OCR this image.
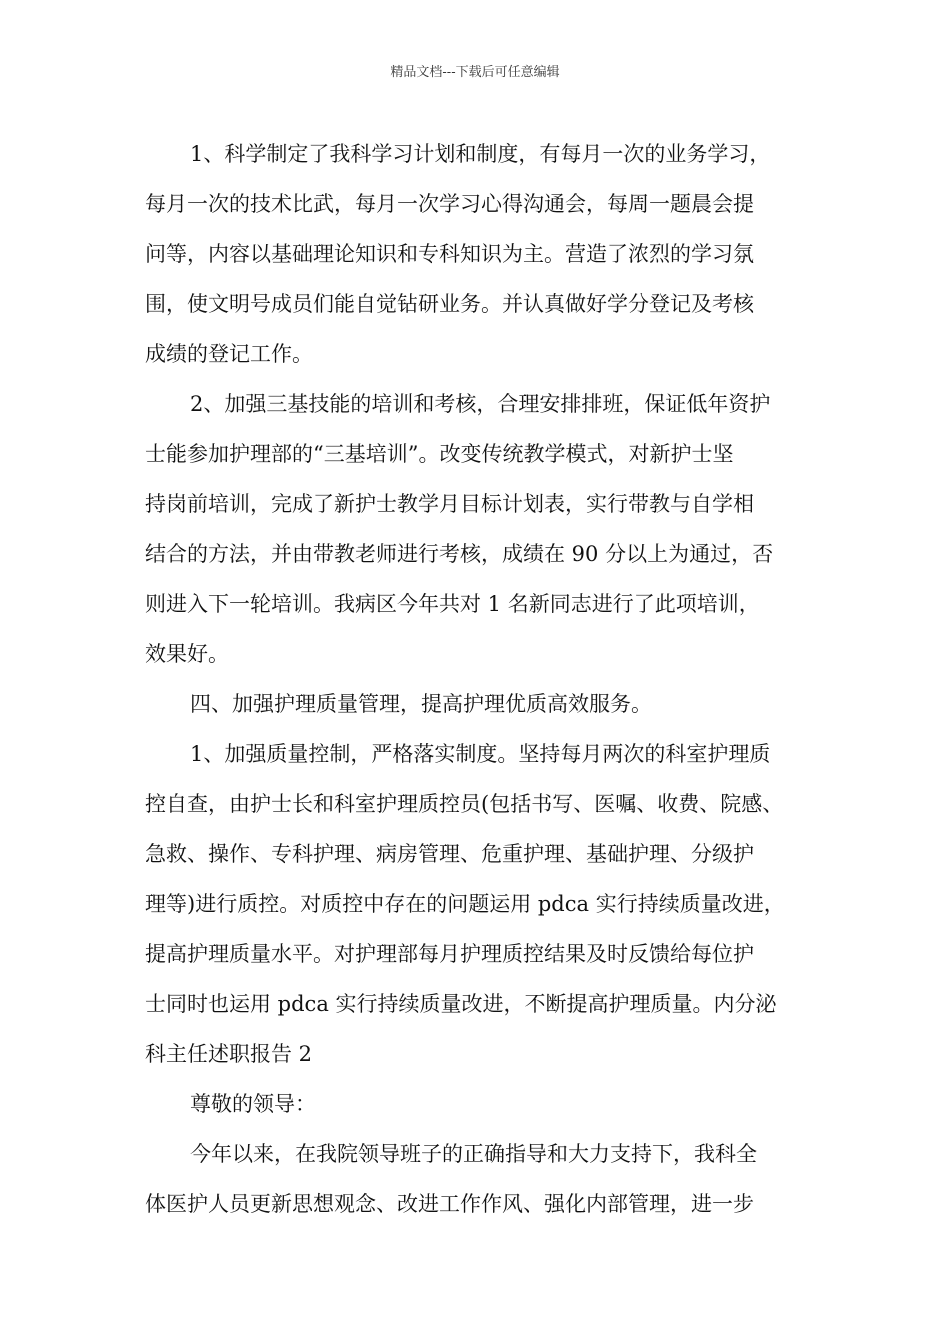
精品文档---下载后可任意编辑
1、科学制定了我科学习计划和制度，有每月一次的业务学习，
每月一次的技术比武，每月一次学习心得沟通会，每周一题晨会提
问等，内容以基础理论知识和专科知识为主。营造了浓烈的学习氛
围，使文明号成员们能自觉钻研业务。并认真做好学分登记及考核
成绩的登记工作。
2、加强三基技能的培训和考核，合理安排排班，保证低年资护
士能参加护理部的“三基培训”。改变传统教学模式，对新护士坚
持岗前培训，完成了新护士教学月目标计划表，实行带教与自学相
结合的方法，并由带教老师进行考核，成绩在 90 分以上为通过，否
则进入下一轮培训。我病区今年共对 1 名新同志进行了此项培训，
效果好。
四、加强护理质量管理，提高护理优质高效服务。
1、加强质量控制，严格落实制度。坚持每月两次的科室护理质
控自查，由护士长和科室护理质控员(包括书写、医嘱、收费、院感、
急救、操作、专科护理、病房管理、危重护理、基础护理、分级护
理等)进行质控。对质控中存在的问题运用 pdca 实行持续质量改进，
提高护理质量水平。对护理部每月护理质控结果及时反馈给每位护
士同时也运用 pdca 实行持续质量改进，不断提高护理质量。内分泌
科主任述职报告 2
尊敬的领导：
今年以来，在我院领导班子的正确指导和大力支持下，我科全
体医护人员更新思想观念、改进工作作风、强化内部管理，进一步
